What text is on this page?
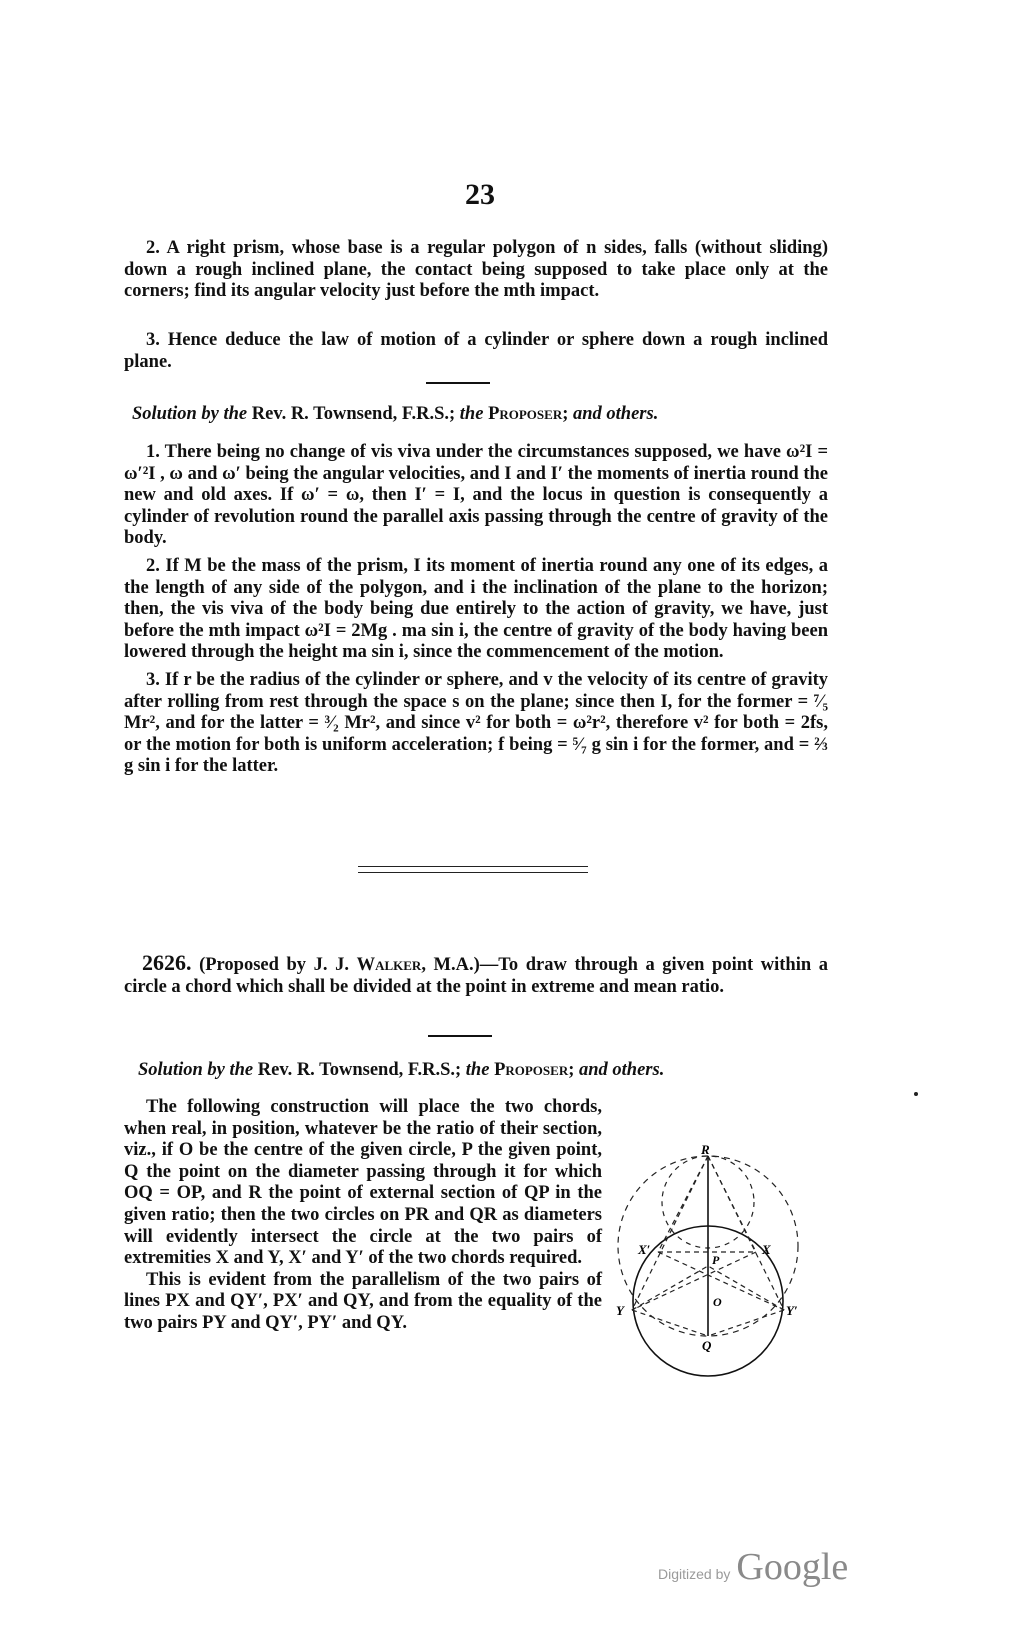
23

2. A right prism, whose base is a regular polygon of n sides, falls (without sliding) down a rough inclined plane, the contact being supposed to take place only at the corners; find its angular velocity just before the mth impact.

3. Hence deduce the law of motion of a cylinder or sphere down a rough inclined plane.

Solution by the Rev. R. Townsend, F.R.S.; the Proposer; and others.

1. There being no change of vis viva under the circumstances supposed, we have ω²I = ω′²I , ω and ω′ being the angular velocities, and I and I′ the moments of inertia round the new and old axes. If ω′ = ω, then I′ = I, and the locus in question is consequently a cylinder of revolution round the parallel axis passing through the centre of gravity of the body.

2. If M be the mass of the prism, I its moment of inertia round any one of its edges, a the length of any side of the polygon, and i the inclination of the plane to the horizon; then, the vis viva of the body being due entirely to the action of gravity, we have, just before the mth impact ω²I = 2Mg . ma sin i, the centre of gravity of the body having been lowered through the height ma sin i, since the commencement of the motion.

3. If r be the radius of the cylinder or sphere, and v the velocity of its centre of gravity after rolling from rest through the space s on the plane; since then I, for the former = ⁷⁄₅ Mr², and for the latter = ³⁄₂ Mr², and since v² for both = ω²r², therefore v² for both = 2fs, or the motion for both is uniform acceleration; f being = ⁵⁄₇ g sin i for the former, and = ⅔ g sin i for the latter.

2626. (Proposed by J. J. Walker, M.A.)—To draw through a given point within a circle a chord which shall be divided at the point in extreme and mean ratio.

Solution by the Rev. R. Townsend, F.R.S.; the Proposer; and others.

The following construction will place the two chords, when real, in position, whatever be the ratio of their section, viz., if O be the centre of the given circle, P the given point, Q the point on the diameter passing through it for which OQ = OP, and R the point of external section of QP in the given ratio; then the two circles on PR and QR as diameters will evidently intersect the circle at the two pairs of extremities X and Y, X′ and Y′ of the two chords required.

This is evident from the parallelism of the two pairs of lines PX and QY′, PX′ and QY, and from the equality of the two pairs PY and QY′, PY′ and QY.

R
P
O
Q
X′	X
Y	Y′
Digitized by Google
